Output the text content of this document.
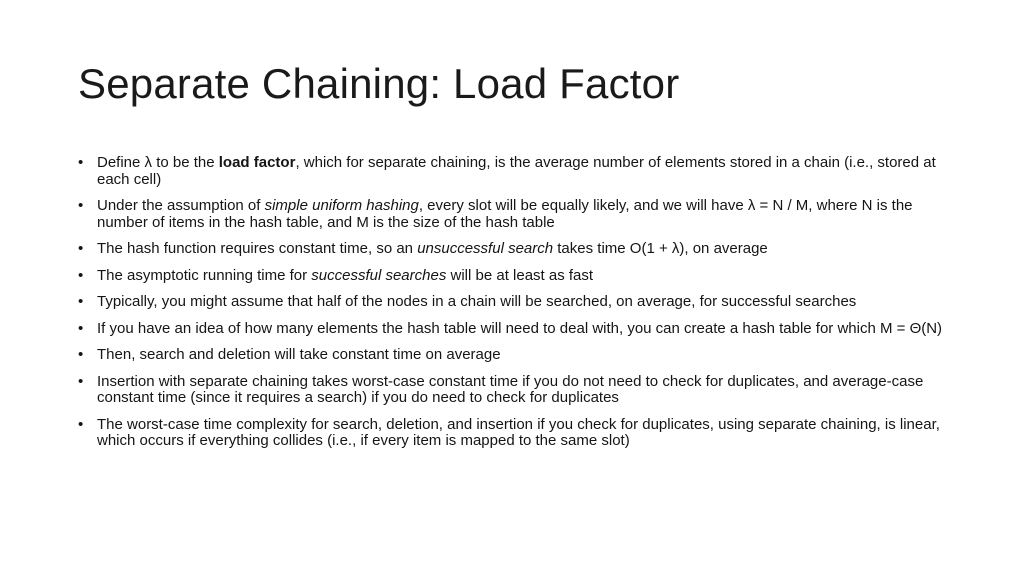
Separate Chaining: Load Factor
• Define λ to be the load factor, which for separate chaining, is the average number of elements stored in a chain (i.e., stored at each cell)
• Under the assumption of simple uniform hashing, every slot will be equally likely, and we will have λ = N / M, where N is the number of items in the hash table, and M is the size of the hash table
• The hash function requires constant time, so an unsuccessful search takes time O(1 + λ), on average
• The asymptotic running time for successful searches will be at least as fast
• Typically, you might assume that half of the nodes in a chain will be searched, on average, for successful searches
• If you have an idea of how many elements the hash table will need to deal with, you can create a hash table for which M = Θ(N)
• Then, search and deletion will take constant time on average
• Insertion with separate chaining takes worst-case constant time if you do not need to check for duplicates, and average-case constant time (since it requires a search) if you do need to check for duplicates
• The worst-case time complexity for search, deletion, and insertion if you check for duplicates, using separate chaining, is linear, which occurs if everything collides (i.e., if every item is mapped to the same slot)
